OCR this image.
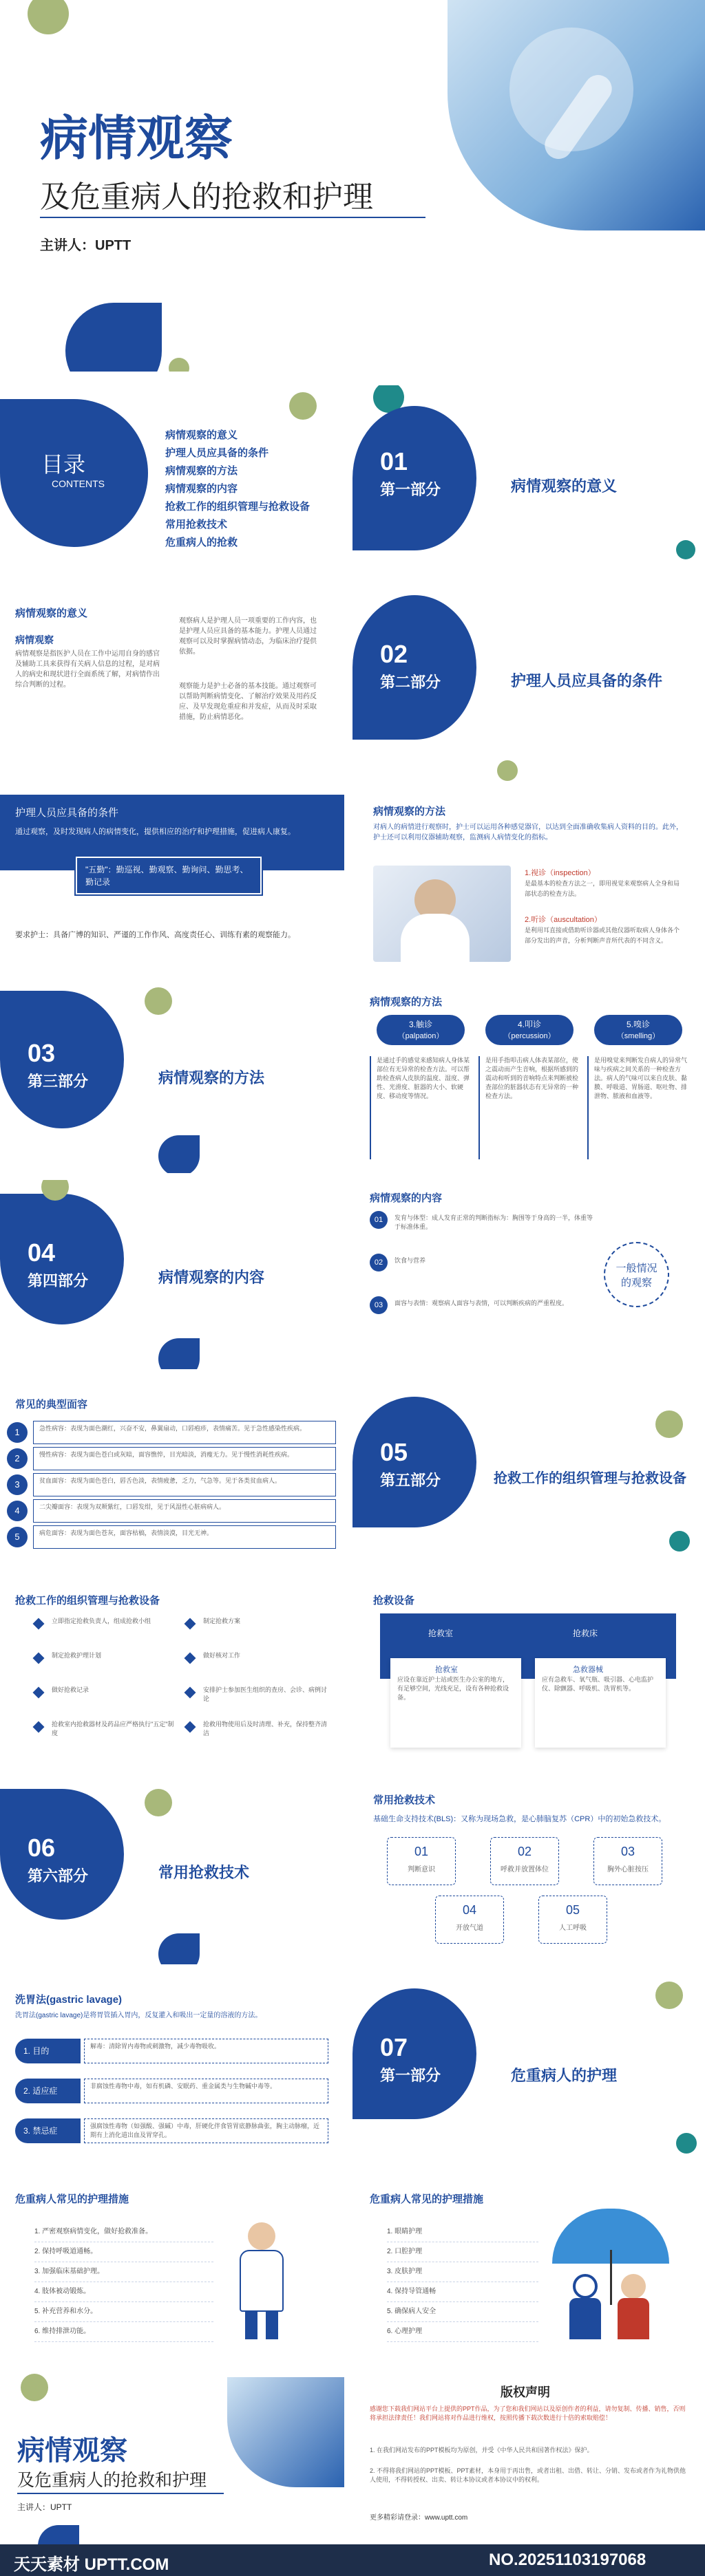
病情观察
及危重病人的抢救和护理
主讲人：UPTT
目录
CONTENTS
病情观察的意义
护理人员应具备的条件
病情观察的方法
病情观察的内容
抢救工作的组织管理与抢救设备
常用抢救技术
危重病人的抢救
01
第一部分	病情观察的意义
病情观察的意义
病情观察
病情观察是指医护人员在工作中运用自身的感官及辅助工具来获得有关病人信息的过程，是对病人的病史和现状进行全面系统了解，对病情作出综合判断的过程。
观察病人是护理人员一项重要的工作内容，也是护理人员应具备的基本能力。护理人员通过观察可以及时掌握病情动态，为临床治疗提供依据。
观察能力是护士必备的基本技能。通过观察可以帮助判断病情变化、了解治疗效果及用药反应、及早发现危重症和并发症，从而及时采取措施，防止病情恶化。
02
第二部分	护理人员应具备的条件
护理人员应具备的条件
通过观察，及时发现病人的病情变化，提供相应的治疗和护理措施，促进病人康复。
"五勤"：勤巡视、勤观察、勤询问、勤思考、勤记录
要求护士：具备广博的知识、严谨的工作作风、高度责任心、训练有素的观察能力。
病情观察的方法
对病人的病情进行观察时，护士可以运用各种感觉器官，以达到全面准确收集病人资料的目的。此外，护士还可以利用仪器辅助观察，监测病人病情变化的指标。
1.视诊（inspection）
是最基本的检查方法之一，即用视觉来观察病人全身和局部状态的检查方法。
2.听诊（auscultation）
是利用耳直接或借助听诊器或其他仪器听取病人身体各个部分发出的声音，分析判断声音所代表的不同含义。
03
第三部分	病情观察的方法
病情观察的方法
3.触诊
（palpation）
是通过手的感觉来感知病人身体某部位有无异常的检查方法。可以帮助检查病人皮肤的温度、湿度、弹性、光滑度、脏器的大小、软硬度、移动度等情况。
4.叩诊
（percussion）
是用手指叩击病人体表某部位，使之震动而产生音响，根据所感到的震动和听到的音响特点来判断被检查部位的脏器状态有无异常的一种检查方法。
5.嗅诊
（smelling）
是用嗅觉来判断发自病人的异常气味与疾病之间关系的一种检查方法。病人的气味可以来自皮肤、黏膜、呼吸道、胃肠道、呕吐物、排泄物、脓液和血液等。
04
第四部分	病情观察的内容
病情观察的内容
01	发育与体型：成人发育正常的判断指标为：胸围等于身高的一半，体重等于标准体重。
02	饮食与营养
03	面容与表情：观察病人面容与表情，可以判断疾病的严重程度。
一般情况的观察
常见的典型面容
1	急性病容：表现为面色潮红，兴奋不安，鼻翼扇动，口唇疱疹，表情痛苦。见于急性感染性疾病。
2	慢性病容：表现为面色苍白或灰暗，面容憔悴，目光暗淡，消瘦无力。见于慢性消耗性疾病。
3	贫血面容：表现为面色苍白，唇舌色淡，表情疲惫，乏力，气急等。见于各类贫血病人。
4	二尖瓣面容：表现为双颊紫红，口唇发绀，见于风湿性心脏病病人。
5	病危面容：表现为面色苍灰，面容枯槁，表情淡漠，目光无神。
05
第五部分	抢救工作的组织管理与抢救设备
抢救工作的组织管理与抢救设备
立即指定抢救负责人，组成抢救小组	制定抢救方案
制定抢救护理计划	做好核对工作
做好抢救记录	安排护士参加医生组织的查房、会诊、病例讨论
抢救室内抢救器材及药品应严格执行"五定"制度
抢救用物使用后及时清理、补充，保持整齐清洁
抢救设备
抢救室	抢救床
抢救室
应设在靠近护士站或医生办公室的地方，有足够空间，光线充足，设有各种抢救设备。
急救器械
应有急救车、氧气瓶、吸引器、心电监护仪、除颤器、呼吸机、洗胃机等。
06
第六部分	常用抢救技术
常用抢救技术
基础生命支持技术(BLS)：又称为现场急救，是心肺脑复苏（CPR）中的初始急救技术。
01
判断意识
02
呼救并放置体位
03
胸外心脏按压
04
开放气道
05
人工呼吸
洗胃法(gastric lavage)
洗胃法(gastric lavage)是将胃管插入胃内，反复灌入和吸出一定量的溶液的方法。
1. 目的	解毒：清除胃内毒物或刺激物，减少毒物吸收。
2. 适应症	非腐蚀性毒物中毒，如有机磷、安眠药、重金属类与生物碱中毒等。
3. 禁忌症	强腐蚀性毒物（如强酸、强碱）中毒，肝硬化伴食管胃底静脉曲张，胸主动脉瘤，近期有上消化道出血及胃穿孔。
07
第一部分	危重病人的护理
危重病人常见的护理措施
1. 严密观察病情变化，做好抢救准备。
2. 保持呼吸道通畅。
3. 加强临床基础护理。
4. 肢体被动锻炼。
5. 补充营养和水分。
6. 维持排泄功能。
危重病人常见的护理措施
1. 眼睛护理
2. 口腔护理
3. 皮肤护理
4. 保持导管通畅
5. 确保病人安全
6. 心理护理
病情观察
及危重病人的抢救和护理
主讲人：UPTT
版权声明
感谢您下载我们网站平台上提供的PPT作品，为了您和我们网站以及原创作者的利益，请勿复制、传播、销售，否则将承担法律责任！我们网站将对作品进行维权，按照传播下载次数进行十倍的索取赔偿！
1. 在我们网站发布的PPT模板均为原创，并受《中华人民共和国著作权法》保护。
2. 不得将我们网站的PPT模板、PPT素材，本身用于再出售，或者出租、出借、转让、分销、发布或者作为礼物供他人使用，不得转授权、出卖、转让本协议或者本协议中的权利。
更多精彩请登录：www.uptt.com
天天素材 UPTT.COM	NO.20251103197068
